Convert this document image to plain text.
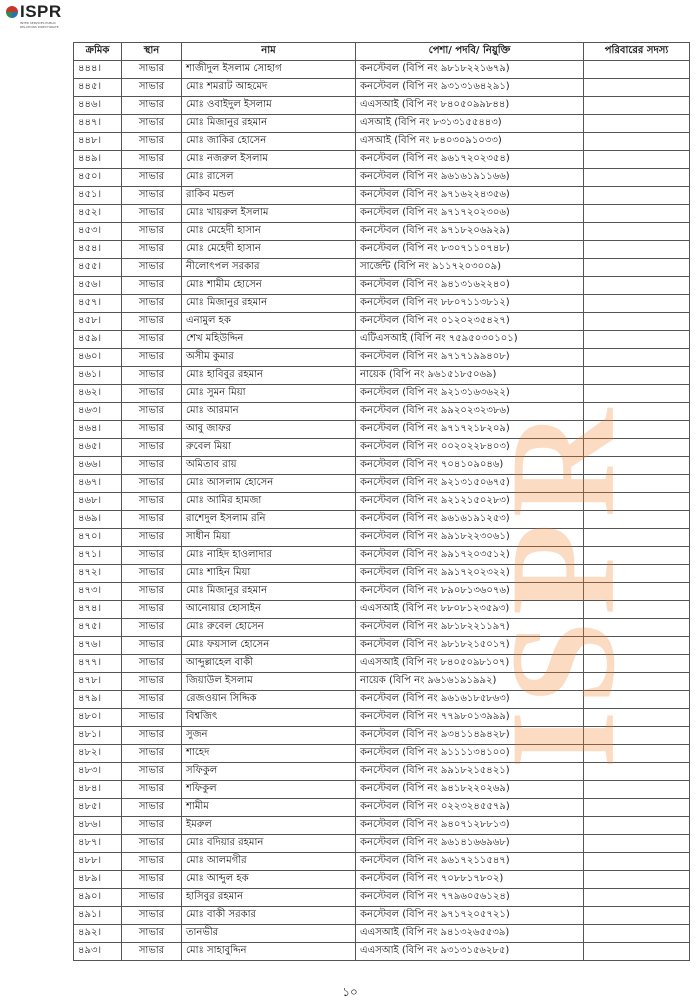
ISPR
INTER SERVICES PUBLIC RELATIONS DIRECTORATE
ক্রমিক	স্থান	নাম	পেশা/ পদবি/ নিয়ুক্তি	পরিবারের সদস্য
৪৪৪।	সাভার	শাজীদুল ইসলাম সোহাগ	কনস্টেবল (বিপি নং ৯৮১৮২২১৬৭৯)	
৪৪৫।	সাভার	মোঃ শমরাট আহমেদ	কনস্টেবল (বিপি নং ৯৩১৩১৬৪২৯১)	
৪৪৬।	সাভার	মোঃ ওবাইদুল ইসলাম	এএসআই (বিপি নং ৮৪০৫০৯৯৮৪৪)	
৪৪৭।	সাভার	মোঃ মিজানুর রহমান	এসআই (বিপি নং ৮৩১৩১৫৫৪৪৩)	
৪৪৮।	সাভার	মোঃ জাকির হোসেন	এসআই (বিপি নং ৮৪০৩০৯১০৩৩)	
৪৪৯।	সাভার	মোঃ নজরুল ইসলাম	কনস্টেবল (বিপি নং ৯৬১৭২০২৩৫৪)	
৪৫০।	সাভার	মোঃ রাসেল	কনস্টেবল (বিপি নং ৯৬১৬১৯১১৬৬)	
৪৫১।	সাভার	রাকিব মন্ডল	কনস্টেবল (বিপি নং ৯৭১৬২২৪৩৫৬)	
৪৫২।	সাভার	মোঃ খায়রুল ইসলাম	কনস্টেবল (বিপি নং ৯৭১৭২০২৩০৬)	
৪৫৩।	সাভার	মোঃ মেহেদী হাসান	কনস্টেবল (বিপি নং ৯৭১৮২০৬৯২৯)	
৪৫৪।	সাভার	মোঃ মেহেদী হাসান	কনস্টেবল (বিপি নং ৮৩০৭১১০৭৪৮)	
৪৫৫।	সাভার	নীলোৎপল সরকার	সার্জেন্ট (বিপি নং ৯১১৭২০৩০০৯)	
৪৫৬।	সাভার	মোঃ শামীম হোসেন	কনস্টেবল (বিপি নং ৯৪১৩১৬২২৪০)	
৪৫৭।	সাভার	মোঃ মিজানুর রহমান	কনস্টেবল (বিপি নং ৮৮০৭১১৩৮১২)	
৪৫৮।	সাভার	এনামুল হক	কনস্টেবল (বিপি নং ০১২০২৩৫৪২৭)	
৪৫৯।	সাভার	শেখ মহিউদ্দিন	এটিএসআই (বিপি নং ৭৫৯৫০৩০১০১)	
৪৬০।	সাভার	অসীম কুমার	কনস্টেবল (বিপি নং ৯৭১৭১৯৯৪০৮)	
৪৬১।	সাভার	মোঃ হাবিবুর রহমান	নায়েক (বিপি নং ৯৬১৫১৮৫০৬৯)	
৪৬২।	সাভার	মোঃ সুমন মিয়া	কনস্টেবল (বিপি নং ৯২১৩১৬৩৬২২)	
৪৬৩।	সাভার	মোঃ আরমান	কনস্টেবল (বিপি নং ৯৯২০২৩২৩৮৬)	
৪৬৪।	সাভার	আবু জাফর	কনস্টেবল (বিপি নং ৯৭১৭২১৮২০৯)	
৪৬৫।	সাভার	রুবেল মিয়া	কনস্টেবল (বিপি নং ০০২০২২৮৪০৩)	
৪৬৬।	সাভার	অমিতাব রায়	কনস্টেবল (বিপি নং ৭০৪১০৯০৪৬)	
৪৬৭।	সাভার	মোঃ আসলাম হোসেন	কনস্টেবল (বিপি নং ৯২১৩১৫০৬৭৫)	
৪৬৮।	সাভার	মোঃ আমির হামজা	কনস্টেবল (বিপি নং ৯২১২১৫০২৮৩)	
৪৬৯।	সাভার	রাশেদুল ইসলাম রনি	কনস্টেবল (বিপি নং ৯৬১৬১৯১২৫৩)	
৪৭০।	সাভার	সাধীন মিয়া	কনস্টেবল (বিপি নং ৯৯১৮২২৩০৬১)	
৪৭১।	সাভার	মোঃ নাহিদ হাওলাদার	কনস্টেবল (বিপি নং ৯৯১৭২০৩৫১২)	
৪৭২।	সাভার	মোঃ শাহিন মিয়া	কনস্টেবল (বিপি নং ৯৯১৭২০২৩২২)	
৪৭৩।	সাভার	মোঃ মিজানুর রহমান	কনস্টেবল (বিপি নং ৮৯০৮১৩৬০৭৬)	
৪৭৪।	সাভার	আনোয়ার হোসাইন	এএসআই (বিপি নং ৮৮০৮১২৩৫৯৩)	
৪৭৫।	সাভার	মোঃ রুবেল হোসেন	কনস্টেবল (বিপি নং ৯৮১৮২২১১৯৭)	
৪৭৬।	সাভার	মোঃ ফয়সাল হোসেন	কনস্টেবল (বিপি নং ৯৮১৮২১৫০১৭)	
৪৭৭।	সাভার	আব্দুল্লাহেল বাকী	এএসআই (বিপি নং ৮৪০৫০৯৮১০৭)	
৪৭৮।	সাভার	জিয়াউল ইসলাম	নায়েক (বিপি নং ৯৬১৬১৯১৯৯২)	
৪৭৯।	সাভার	রেজওয়ান সিদ্দিক	কনস্টেবল (বিপি নং ৯৬১৬১৮৫৮৬৩)	
৪৮০।	সাভার	বিশ্বজিৎ	কনস্টেবল (বিপি নং ৭৭৯৮০১৩৯৯৯)	
৪৮১।	সাভার	সুজন	কনস্টেবল (বিপি নং ৯৩৪১১৪৯৪২৮)	
৪৮২।	সাভার	শাহেদ	কনস্টেবল (বিপি নং ৯১১১১৩৪১০০)	
৪৮৩।	সাভার	সফিকুল	কনস্টেবল (বিপি নং ৯৯১৮২১৫৪২১)	
৪৮৪।	সাভার	শফিকুল	কনস্টেবল (বিপি নং ৯৪১৮২২০২৬৯)	
৪৮৫।	সাভার	শামীম	কনস্টেবল (বিপি নং ০২২৩২৪৫৫৭৯)	
৪৮৬।	সাভার	ইমরুল	কনস্টেবল (বিপি নং ৯৪০৭১২৮৮১৩)	
৪৮৭।	সাভার	মোঃ বদিয়ার রহমান	কনস্টেবল (বিপি নং ৯৬১৪১৬৬৯৬৮)	
৪৮৮।	সাভার	মোঃ আলমগীর	কনস্টেবল (বিপি নং ৯৬১৭২১১৫৪৭)	
৪৮৯।	সাভার	মোঃ আব্দুল হক	কনস্টেবল (বিপি নং ৭০৮৮১৭৮০২)	
৪৯০।	সাভার	হাসিবুর রহমান	কনস্টেবল (বিপি নং ৭৭৯৬০৫৬১২৪)	
৪৯১।	সাভার	মোঃ বাকী সরকার	কনস্টেবল (বিপি নং ৯৭১৭২০৫৭২১)	
৪৯২।	সাভার	তানভীর	এএসআই (বিপি নং ৯৪১৩২৬৫৫৩৯)	
৪৯৩।	সাভার	মোঃ সাহাবুদ্দিন	এএসআই (বিপি নং ৯৩১৩১৫৬২৮৫)	
ISPR
১০
